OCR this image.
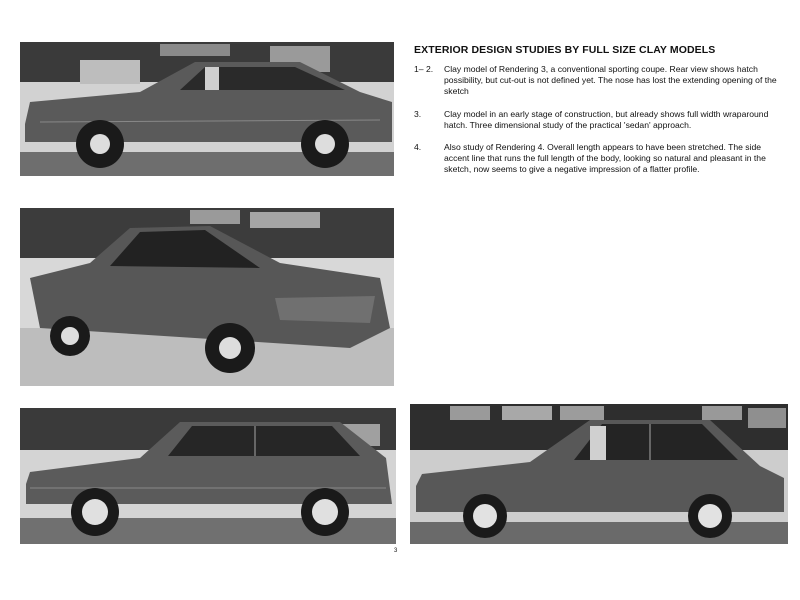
EXTERIOR DESIGN STUDIES BY FULL SIZE CLAY MODELS
1– 2.	Clay model of Rendering 3, a conventional sporting coupe. Rear view shows hatch possibility, but cut-out is not defined yet. The nose has lost the extending opening of the sketch
3.	Clay model in an early stage of construction, but already shows full width wraparound hatch. Three dimensional study of the practical 'sedan' approach.
4.	Also study of Rendering 4. Overall length appears to have been stretched. The side accent line that runs the full length of the body, looking so natural and pleasant in the sketch, now seems to give a negative impression of a flatter profile.
3
